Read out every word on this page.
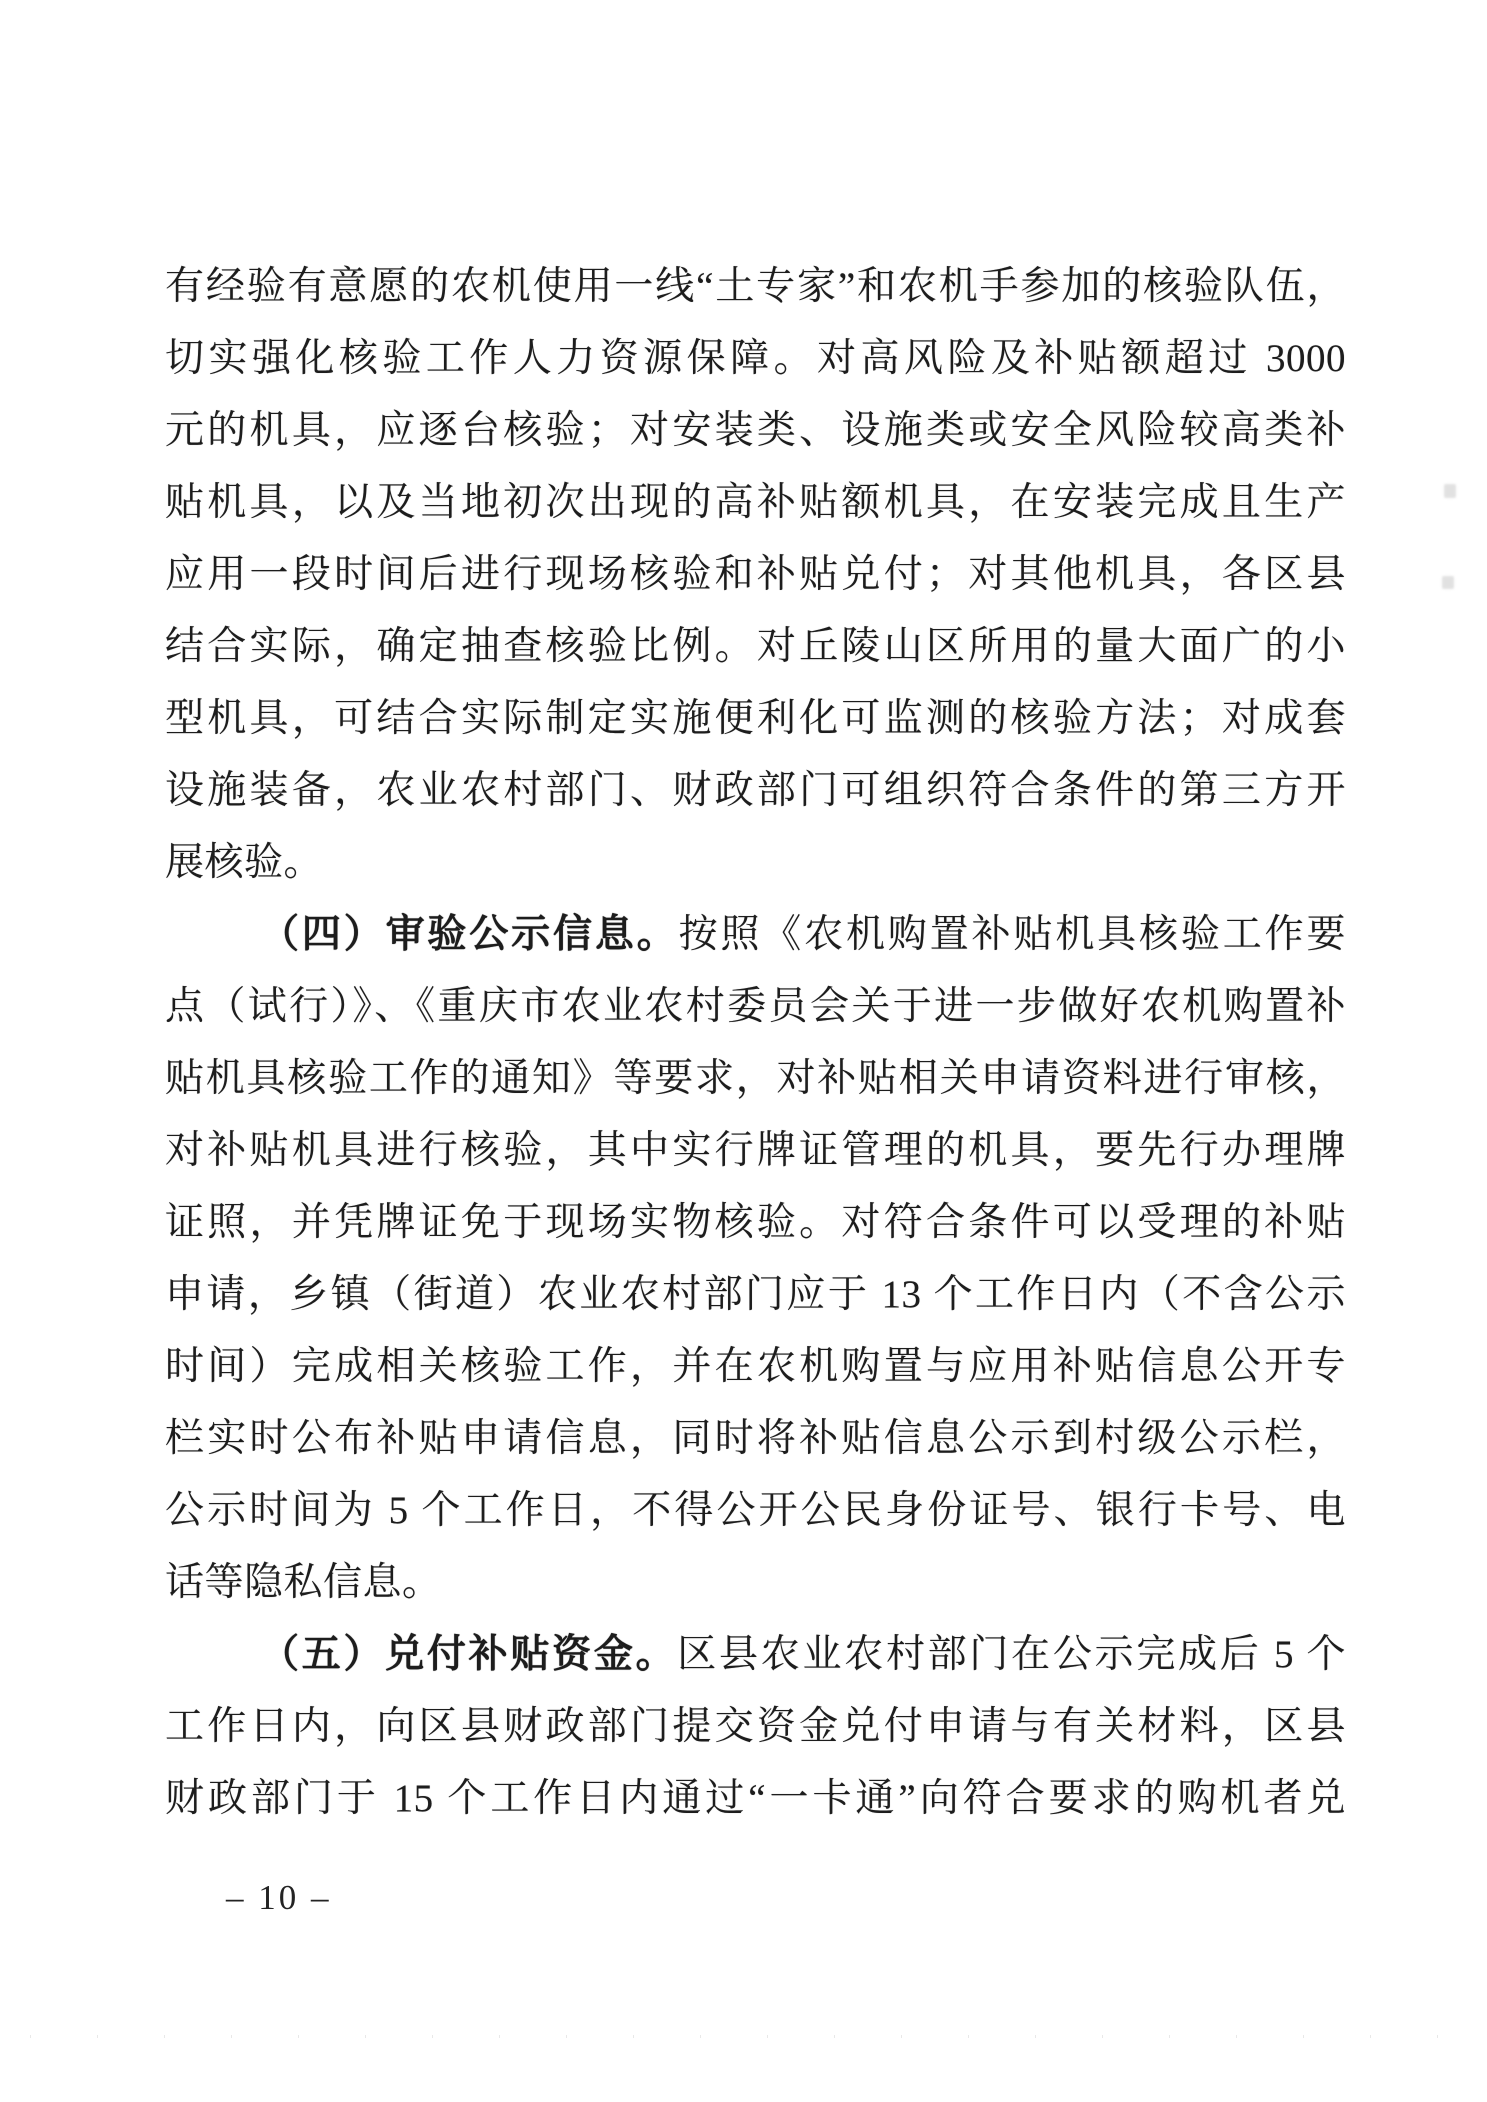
有经验有意愿的农机使用一线“土专家”和农机手参加的核验队伍，
切实强化核验工作人力资源保障。对高风险及补贴额超过 3000
元的机具，应逐台核验；对安装类、设施类或安全风险较高类补
贴机具，以及当地初次出现的高补贴额机具，在安装完成且生产
应用一段时间后进行现场核验和补贴兑付；对其他机具，各区县
结合实际，确定抽查核验比例。对丘陵山区所用的量大面广的小
型机具，可结合实际制定实施便利化可监测的核验方法；对成套
设施装备，农业农村部门、财政部门可组织符合条件的第三方开
展核验。
（四）审验公示信息。按照《农机购置补贴机具核验工作要
点（试行）》、《重庆市农业农村委员会关于进一步做好农机购置补
贴机具核验工作的通知》等要求，对补贴相关申请资料进行审核，
对补贴机具进行核验，其中实行牌证管理的机具，要先行办理牌
证照，并凭牌证免于现场实物核验。对符合条件可以受理的补贴
申请，乡镇（街道）农业农村部门应于 13 个工作日内（不含公示
时间）完成相关核验工作，并在农机购置与应用补贴信息公开专
栏实时公布补贴申请信息，同时将补贴信息公示到村级公示栏，
公示时间为 5 个工作日，不得公开公民身份证号、银行卡号、电
话等隐私信息。
（五）兑付补贴资金。区县农业农村部门在公示完成后 5 个
工作日内，向区县财政部门提交资金兑付申请与有关材料，区县
财政部门于 15 个工作日内通过“一卡通”向符合要求的购机者兑
– 10 –
